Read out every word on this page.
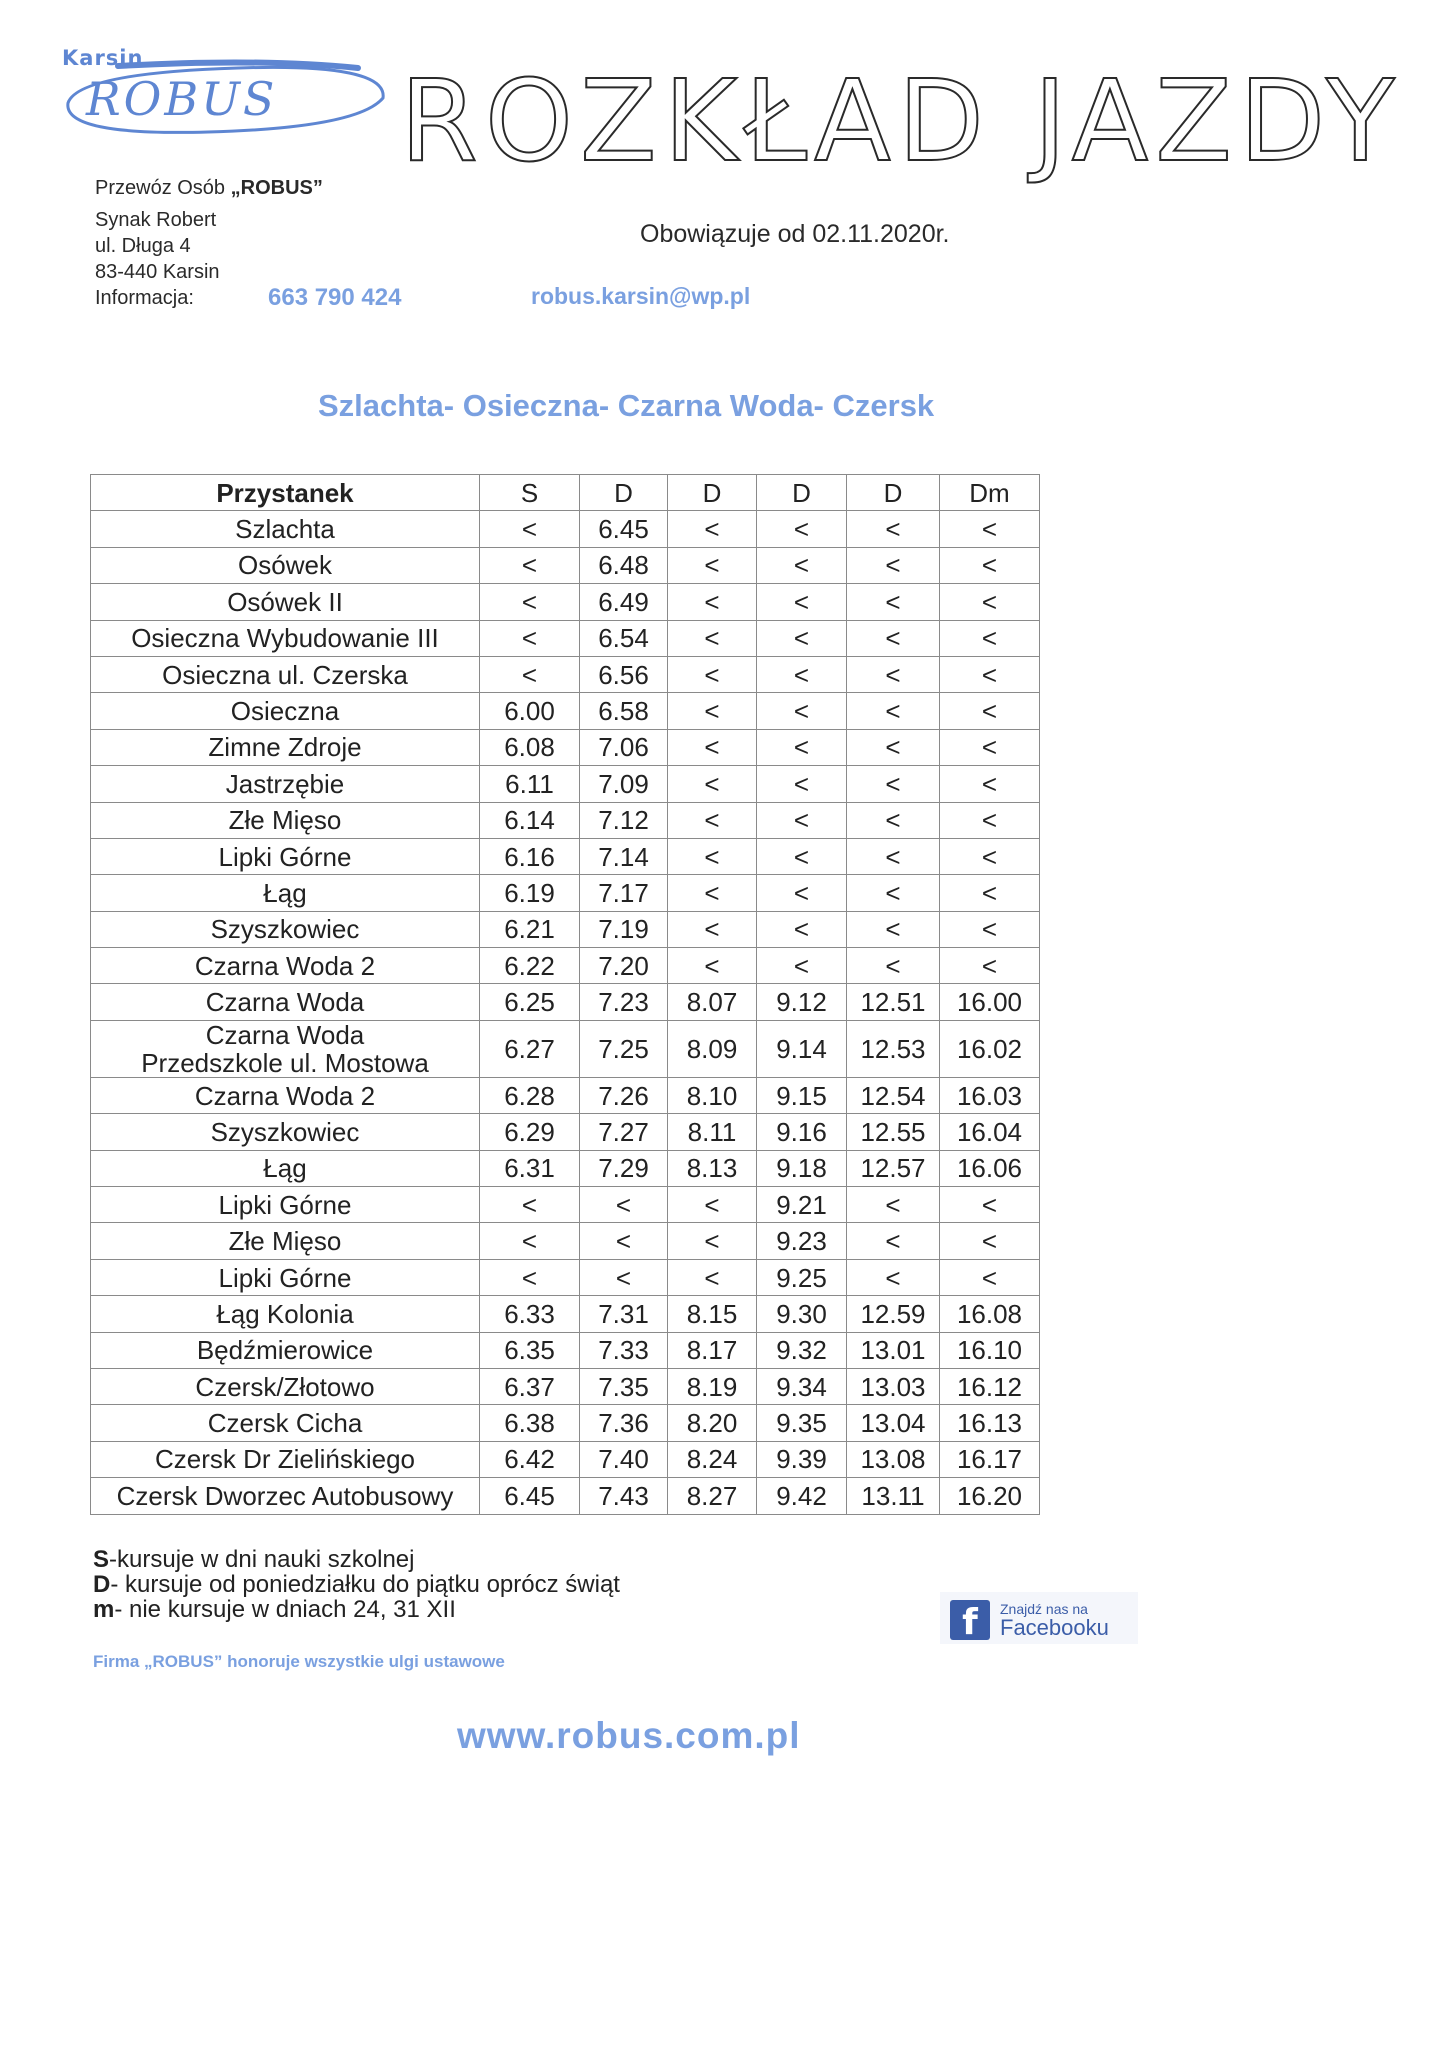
Karsin
ROBUS ROZKŁAD JAZDY
Przewóz Osób „ROBUS”
Synak Robert
ul. Długa 4
83-440 Karsin
Informacja:	663 790 424	robus.karsin@wp.pl
Obowiązuje od 02.11.2020r.
Szlachta- Osieczna- Czarna Woda- Czersk
Przystanek	S	D	D	D	D	Dm
Szlachta	<	6.45	<	<	<	<
Osówek	<	6.48	<	<	<	<
Osówek II	<	6.49	<	<	<	<
Osieczna Wybudowanie III	<	6.54	<	<	<	<
Osieczna ul. Czerska	<	6.56	<	<	<	<
Osieczna	6.00	6.58	<	<	<	<
Zimne Zdroje	6.08	7.06	<	<	<	<
Jastrzębie	6.11	7.09	<	<	<	<
Złe Mięso	6.14	7.12	<	<	<	<
Lipki Górne	6.16	7.14	<	<	<	<
Łąg	6.19	7.17	<	<	<	<
Szyszkowiec	6.21	7.19	<	<	<	<
Czarna Woda 2	6.22	7.20	<	<	<	<
Czarna Woda	6.25	7.23	8.07	9.12	12.51	16.00

Czarna Woda
Przedszkole ul. Mostowa	6.27	7.25	8.09	9.14	12.53	16.02
Czarna Woda 2	6.28	7.26	8.10	9.15	12.54	16.03
Szyszkowiec	6.29	7.27	8.11	9.16	12.55	16.04
Łąg	6.31	7.29	8.13	9.18	12.57	16.06
Lipki Górne	<	<	<	9.21	<	<
Złe Mięso	<	<	<	9.23	<	<
Lipki Górne	<	<	<	9.25	<	<
Łąg Kolonia	6.33	7.31	8.15	9.30	12.59	16.08
Będźmierowice	6.35	7.33	8.17	9.32	13.01	16.10
Czersk/Złotowo	6.37	7.35	8.19	9.34	13.03	16.12
Czersk Cicha	6.38	7.36	8.20	9.35	13.04	16.13
Czersk Dr Zielińskiego	6.42	7.40	8.24	9.39	13.08	16.17
Czersk Dworzec Autobusowy	6.45	7.43	8.27	9.42	13.11	16.20
S-kursuje w dni nauki szkolnej
D- kursuje od poniedziałku do piątku oprócz świąt
m- nie kursuje w dniach 24, 31 XII
Firma „ROBUS” honoruje wszystkie ulgi ustawowe
f	Znajdź nas na
Facebooku
www.robus.com.pl
